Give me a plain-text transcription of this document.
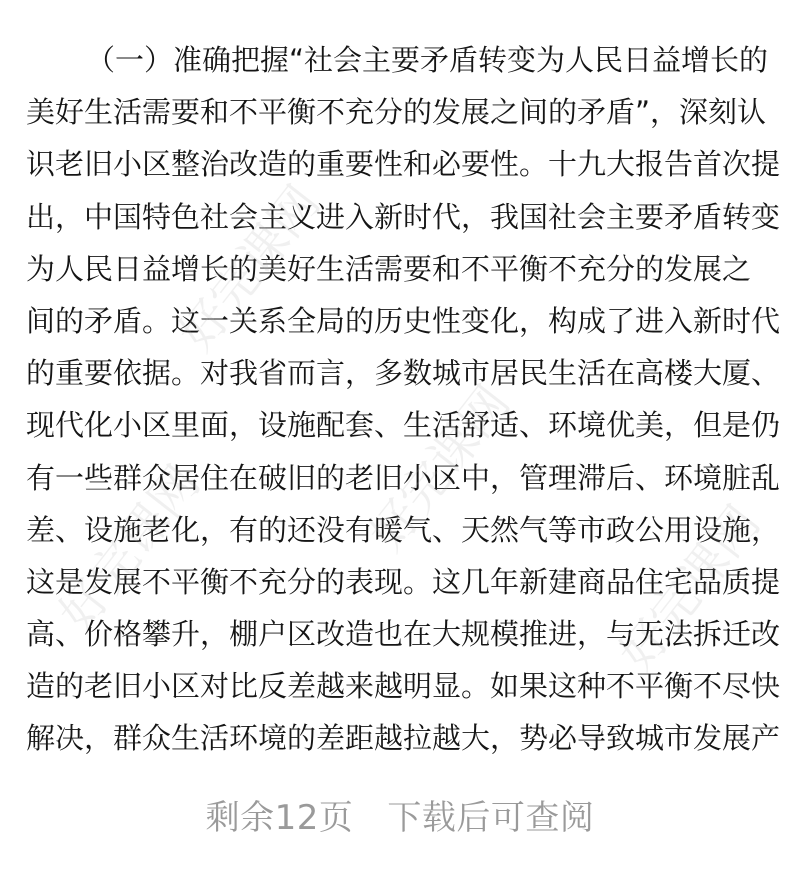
（一）准确把握“社会主要矛盾转变为人民日益增长的
美好生活需要和不平衡不充分的发展之间的矛盾”，深刻认
识老旧小区整治改造的重要性和必要性。十九大报告首次提
出，中国特色社会主义进入新时代，我国社会主要矛盾转变
为人民日益增长的美好生活需要和不平衡不充分的发展之
间的矛盾。这一关系全局的历史性变化，构成了进入新时代
的重要依据。对我省而言，多数城市居民生活在高楼大厦、
现代化小区里面，设施配套、生活舒适、环境优美，但是仍
有一些群众居住在破旧的老旧小区中，管理滞后、环境脏乱
差、设施老化，有的还没有暖气、天然气等市政公用设施，
这是发展不平衡不充分的表现。这几年新建商品住宅品质提
高、价格攀升，棚户区改造也在大规模推进，与无法拆迁改
造的老旧小区对比反差越来越明显。如果这种不平衡不尽快
解决，群众生活环境的差距越拉越大，势必导致城市发展产
好完课网
好完课网
好完课网
好完课网
剩余12页 下载后可查阅
